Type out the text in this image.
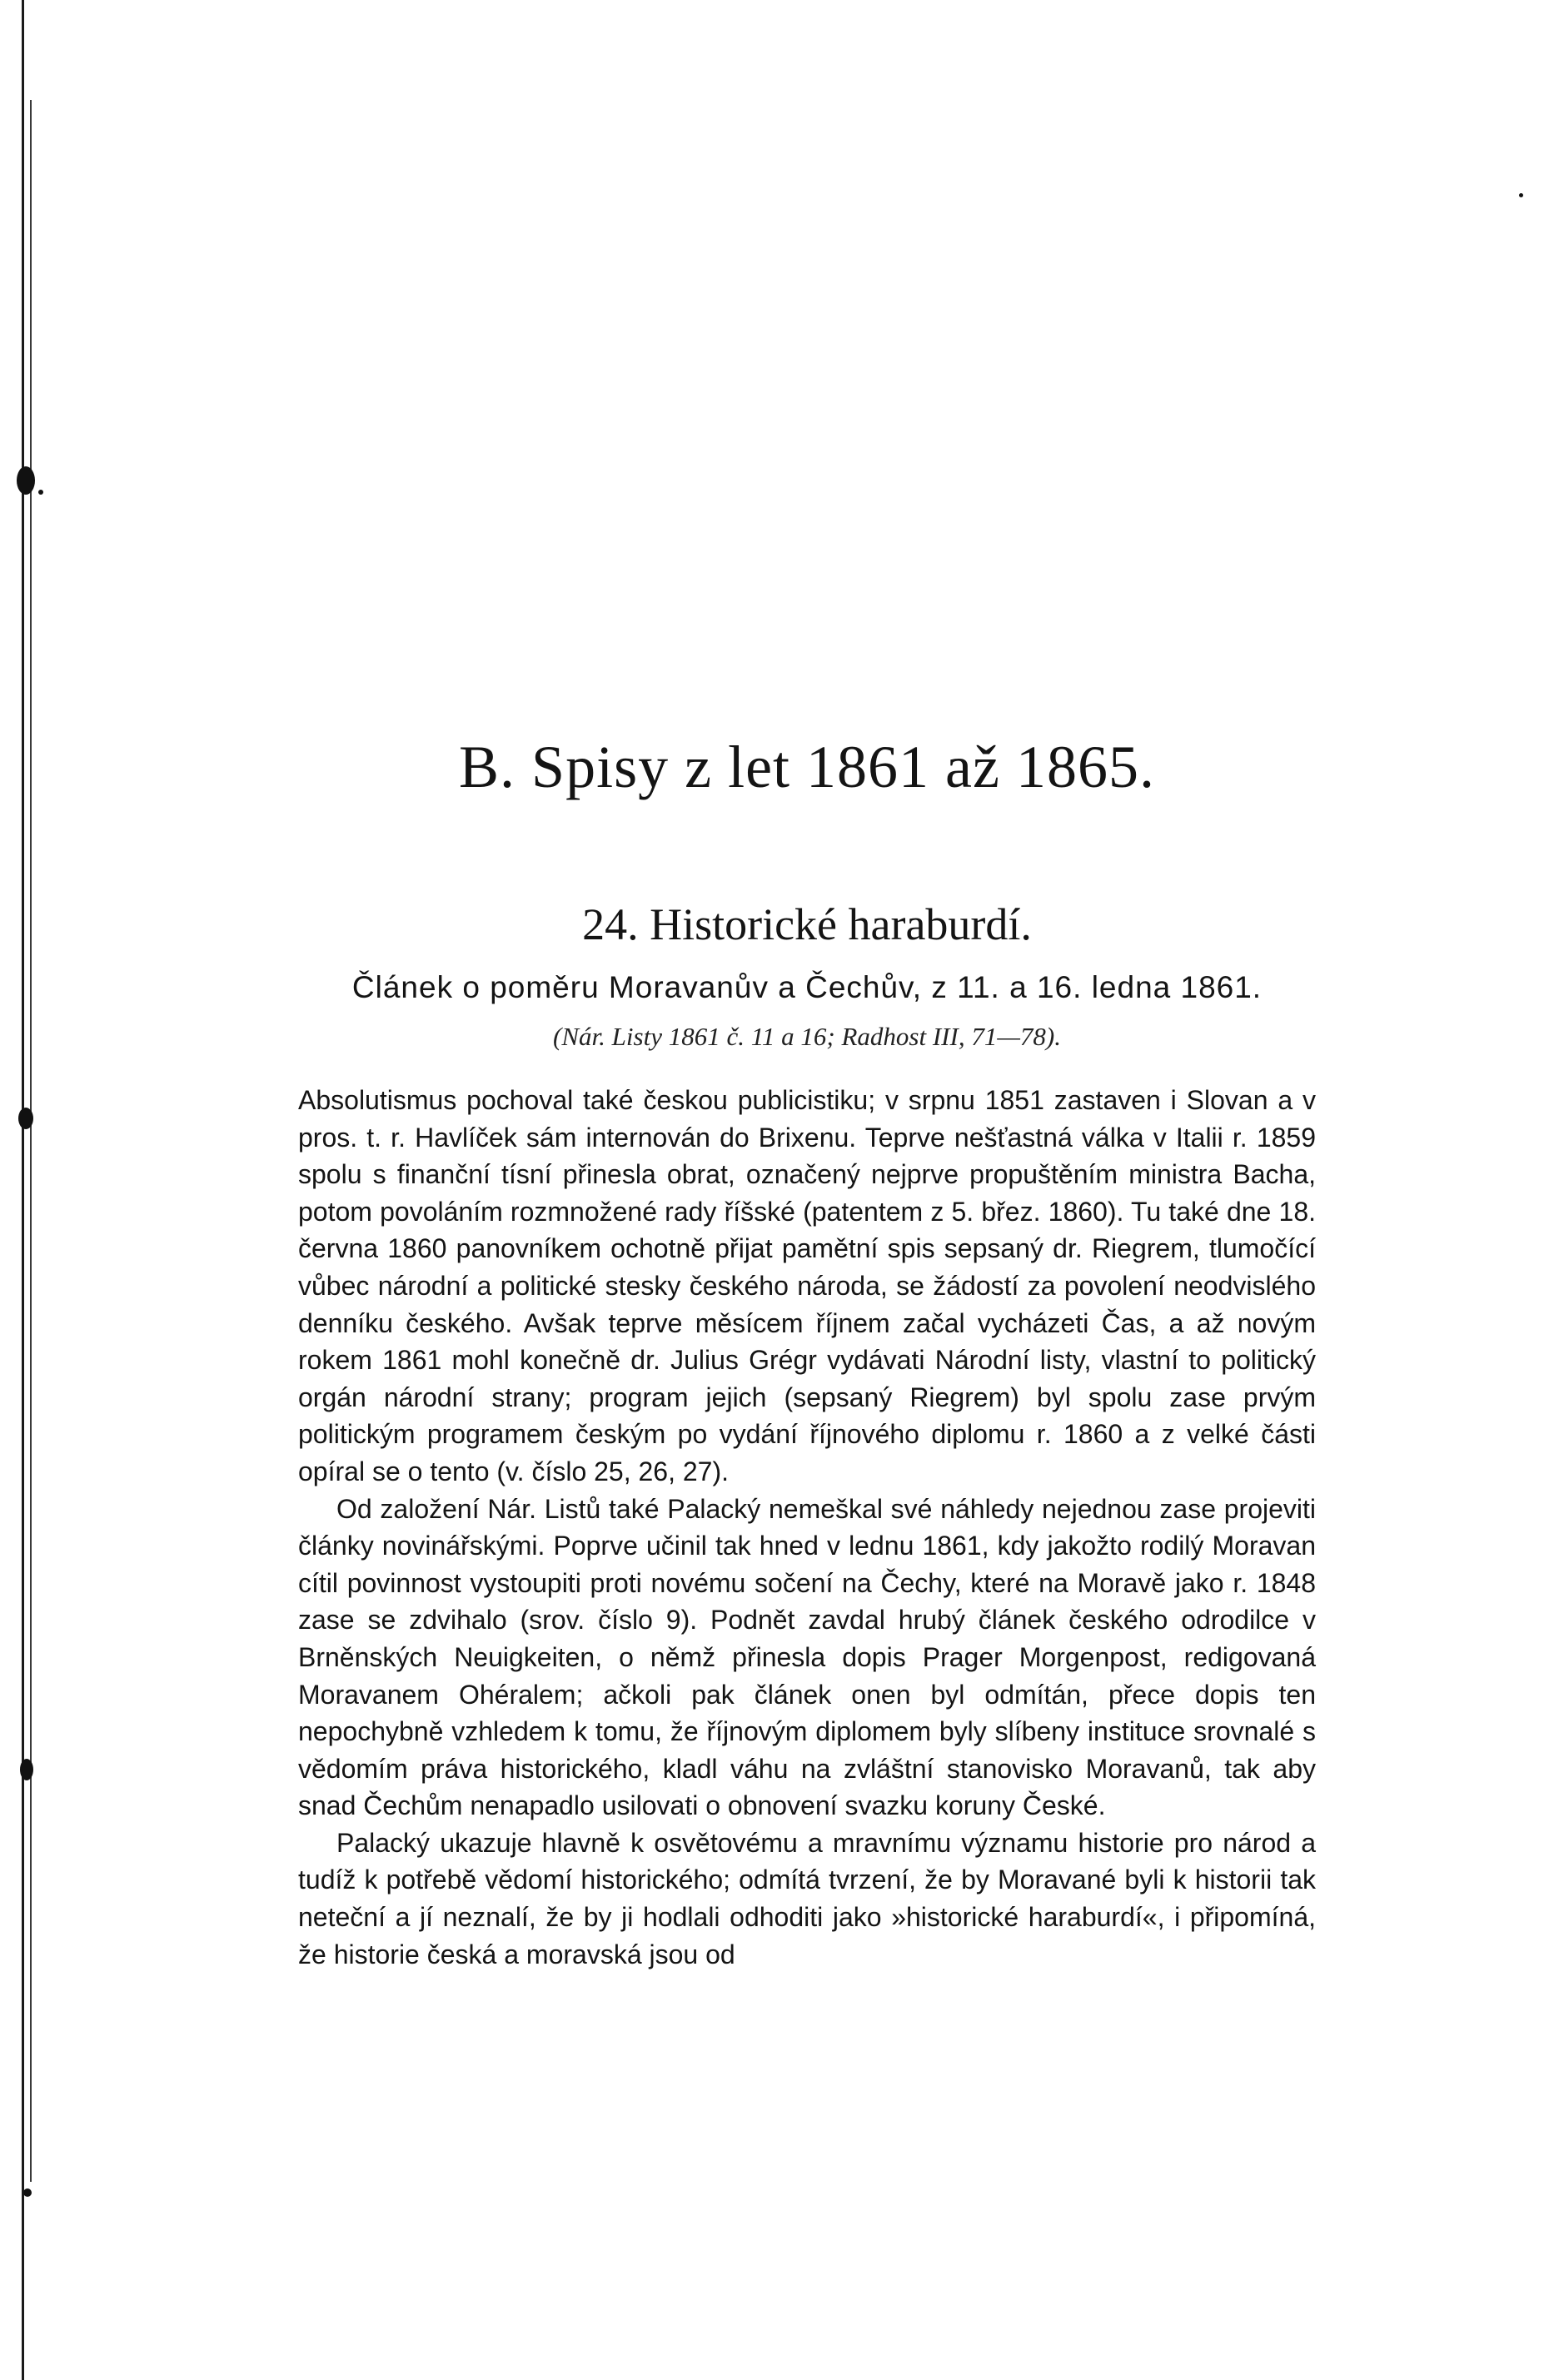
B. Spisy z let 1861 až 1865.
24. Historické haraburdí.
Článek o poměru Moravanův a Čechův, z 11. a 16. ledna 1861.
(Nár. Listy 1861 č. 11 a 16; Radhost III, 71—78).

Absolutismus pochoval také českou publicistiku; v srpnu 1851 zastaven i Slovan a v pros. t. r. Havlíček sám internován do Brixenu. Teprve nešťastná válka v Italii r. 1859 spolu s finanční tísní přinesla obrat, označený nejprve propuštěním ministra Bacha, potom povoláním rozmnožené rady říšské (patentem z 5. břez. 1860). Tu také dne 18. června 1860 panovníkem ochotně přijat pamětní spis sepsaný dr. Riegrem, tlumočící vůbec národní a politické stesky českého národa, se žádostí za povolení neodvislého denníku českého. Avšak teprve měsícem říjnem začal vycházeti Čas, a až novým rokem 1861 mohl konečně dr. Julius Grégr vydávati Národní listy, vlastní to politický orgán národní strany; program jejich (sepsaný Riegrem) byl spolu zase prvým politickým programem českým po vydání říjnového diplomu r. 1860 a z velké části opíral se o tento (v. číslo 25, 26, 27).

Od založení Nár. Listů také Palacký nemeškal své náhledy nejednou zase projeviti články novinářskými. Poprve učinil tak hned v lednu 1861, kdy jakožto rodilý Moravan cítil povinnost vystoupiti proti novému sočení na Čechy, které na Moravě jako r. 1848 zase se zdvihalo (srov. číslo 9). Podnět zavdal hrubý článek českého odrodilce v Brněnských Neuigkeiten, o němž přinesla dopis Prager Morgenpost, redigovaná Moravanem Ohéralem; ačkoli pak článek onen byl odmítán, přece dopis ten nepochybně vzhledem k tomu, že říjnovým diplomem byly slíbeny instituce srovnalé s vědomím práva historického, kladl váhu na zvláštní stanovisko Moravanů, tak aby snad Čechům nenapadlo usilovati o obnovení svazku koruny České.

Palacký ukazuje hlavně k osvětovému a mravnímu významu historie pro národ a tudíž k potřebě vědomí historického; odmítá tvrzení, že by Moravané byli k historii tak neteční a jí neznalí, že by ji hodlali odhoditi jako »historické haraburdí«, i připomíná, že historie česká a moravská jsou od
